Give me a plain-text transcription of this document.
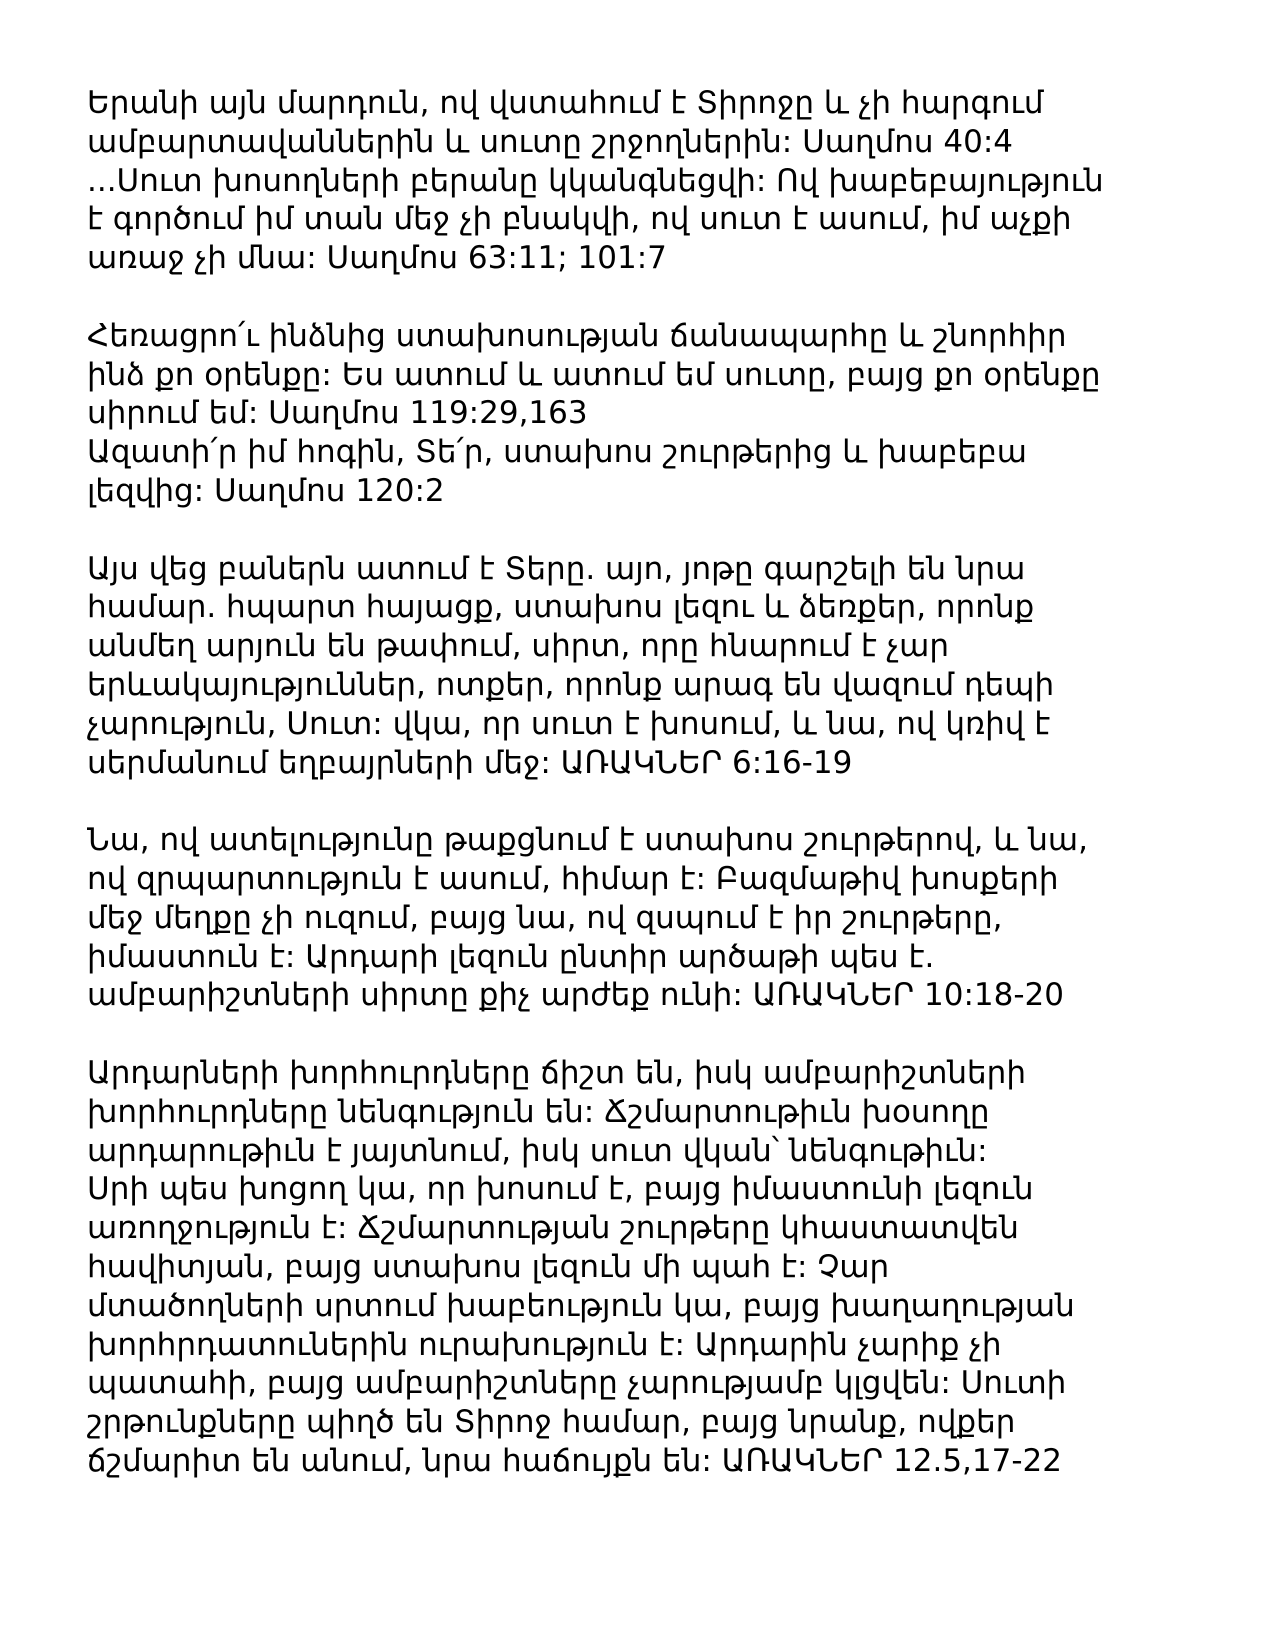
Երանի այն մարդուն, ով վստահում է Տիրոջը և չի հարգում
ամբարտավաններին և սուտը շրջողներին: Սաղմոս 40:4
...Սուտ խոսողների բերանը կկանգնեցվի: Ով խաբեբայություն
է գործում իմ տան մեջ չի բնակվի, ով սուտ է ասում, իմ աչքի
առաջ չի մնա: Սաղմոս 63:11; 101:7
Հեռացրո՛ւ ինձնից ստախոսության ճանապարհը և շնորհիր
ինձ քո օրենքը: Ես ատում և ատում եմ սուտը, բայց քո օրենքը
սիրում եմ: Սաղմոս 119:29,163
Ազատի՛ր իմ հոգին, Տե՛ր, ստախոս շուրթերից և խաբեբա
լեզվից: Սաղմոս 120:2
Այս վեց բաներն ատում է Տերը. այո, յոթը գարշելի են նրա
համար. հպարտ հայացք, ստախոս լեզու և ձեռքեր, որոնք
անմեղ արյուն են թափում, սիրտ, որը հնարում է չար
երևակայություններ, ոտքեր, որոնք արագ են վազում դեպի
չարություն, Սուտ: վկա, որ սուտ է խոսում, և նա, ով կռիվ է
սերմանում եղբայրների մեջ: ԱՌԱԿՆԵՐ 6:16-19
Նա, ով ատելությունը թաքցնում է ստախոս շուրթերով, և նա,
ով զրպարտություն է ասում, հիմար է: Բազմաթիվ խոսքերի
մեջ մեղքը չի ուզում, բայց նա, ով զսպում է իր շուրթերը,
իմաստուն է: Արդարի լեզուն ընտիր արծաթի պես է.
ամբարիշտների սիրտը քիչ արժեք ունի: ԱՌԱԿՆԵՐ 10:18-20
Արդարների խորհուրդները ճիշտ են, իսկ ամբարիշտների
խորհուրդները նենգություն են: Ճշմարտութիւն խօսողը
արդարութիւն է յայտնում, իսկ սուտ վկան՝ նենգութիւն:
Սրի պես խոցող կա, որ խոսում է, բայց իմաստունի լեզուն
առողջություն է: Ճշմարտության շուրթերը կհաստատվեն
հավիտյան, բայց ստախոս լեզուն մի պահ է: Չար
մտածողների սրտում խաբեություն կա, բայց խաղաղության
խորհրդատուներին ուրախություն է: Արդարին չարիք չի
պատահի, բայց ամբարիշտները չարությամբ կլցվեն: Սուտի
շրթունքները պիղծ են Տիրոջ համար, բայց նրանք, ովքեր
ճշմարիտ են անում, նրա հաճույքն են: ԱՌԱԿՆԵՐ 12.5,17-22
